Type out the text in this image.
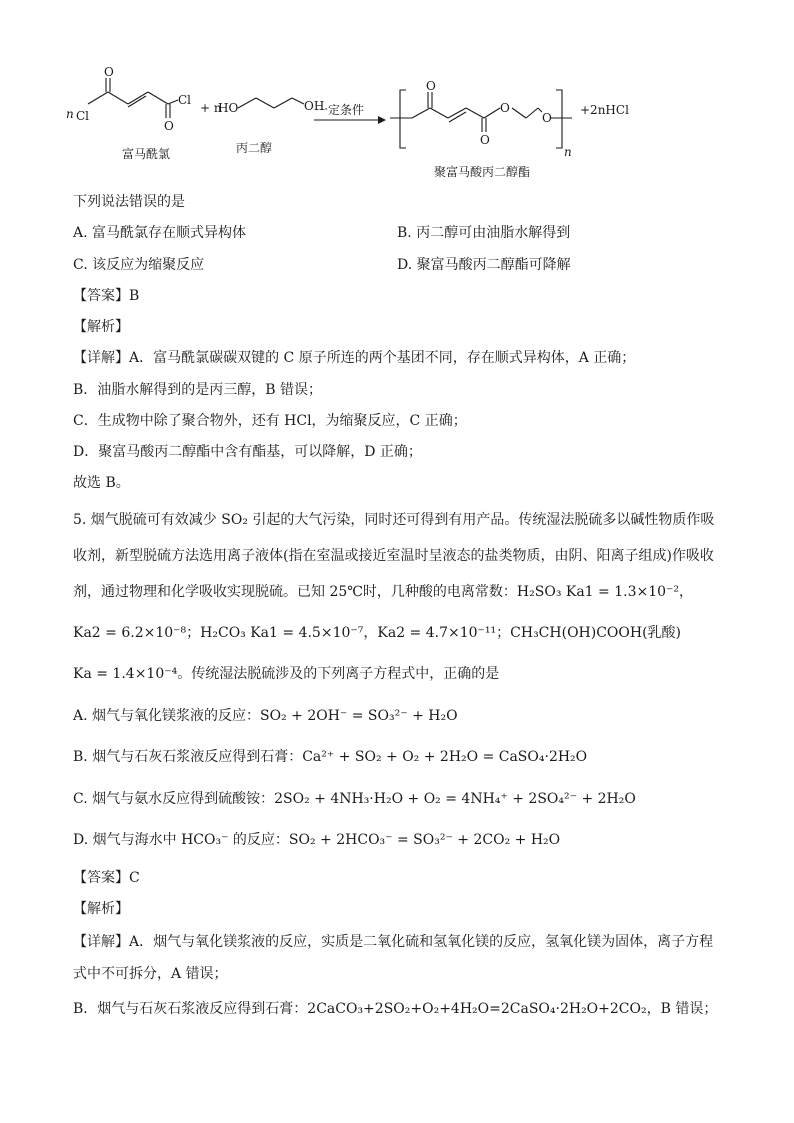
n Cl
O
O
Cl
+ n
HO	OH
一定条件
O
O
O
O
n
+2nHCl
富马酰氯	丙二醇
聚富马酸丙二醇酯
下列说法错误的是
A. 富马酰氯存在顺式异构体	B. 丙二醇可由油脂水解得到
C. 该反应为缩聚反应	D. 聚富马酸丙二醇酯可降解
【答案】B
【解析】
【详解】A．富马酰氯碳碳双键的 C 原子所连的两个基团不同，存在顺式异构体，A 正确；
B．油脂水解得到的是丙三醇，B 错误；
C．生成物中除了聚合物外，还有 HCl，为缩聚反应，C 正确；
D．聚富马酸丙二醇酯中含有酯基，可以降解，D 正确；
故选 B。
5. 烟气脱硫可有效减少 SO₂ 引起的大气污染，同时还可得到有用产品。传统湿法脱硫多以碱性物质作吸
收剂，新型脱硫方法选用离子液体(指在室温或接近室温时呈液态的盐类物质，由阴、阳离子组成)作吸收
剂，通过物理和化学吸收实现脱硫。已知 25℃时，几种酸的电离常数：H₂SO₃ Ka1 = 1.3×10⁻²，
Ka2 = 6.2×10⁻⁸；H₂CO₃ Ka1 = 4.5×10⁻⁷，Ka2 = 4.7×10⁻¹¹；CH₃CH(OH)COOH(乳酸)
Ka = 1.4×10⁻⁴。传统湿法脱硫涉及的下列离子方程式中，正确的是
A. 烟气与氧化镁浆液的反应：SO₂ + 2OH⁻ = SO₃²⁻ + H₂O
B. 烟气与石灰石浆液反应得到石膏：Ca²⁺ + SO₂ + O₂ + 2H₂O = CaSO₄·2H₂O
C. 烟气与氨水反应得到硫酸铵：2SO₂ + 4NH₃·H₂O + O₂ = 4NH₄⁺ + 2SO₄²⁻ + 2H₂O
D. 烟气与海水中 HCO₃⁻ 的反应：SO₂ + 2HCO₃⁻ = SO₃²⁻ + 2CO₂ + H₂O
【答案】C
【解析】
【详解】A．烟气与氧化镁浆液的反应，实质是二氧化硫和氢氧化镁的反应，氢氧化镁为固体，离子方程
式中不可拆分，A 错误；
B．烟气与石灰石浆液反应得到石膏：2CaCO₃+2SO₂+O₂+4H₂O=2CaSO₄·2H₂O+2CO₂，B 错误；
